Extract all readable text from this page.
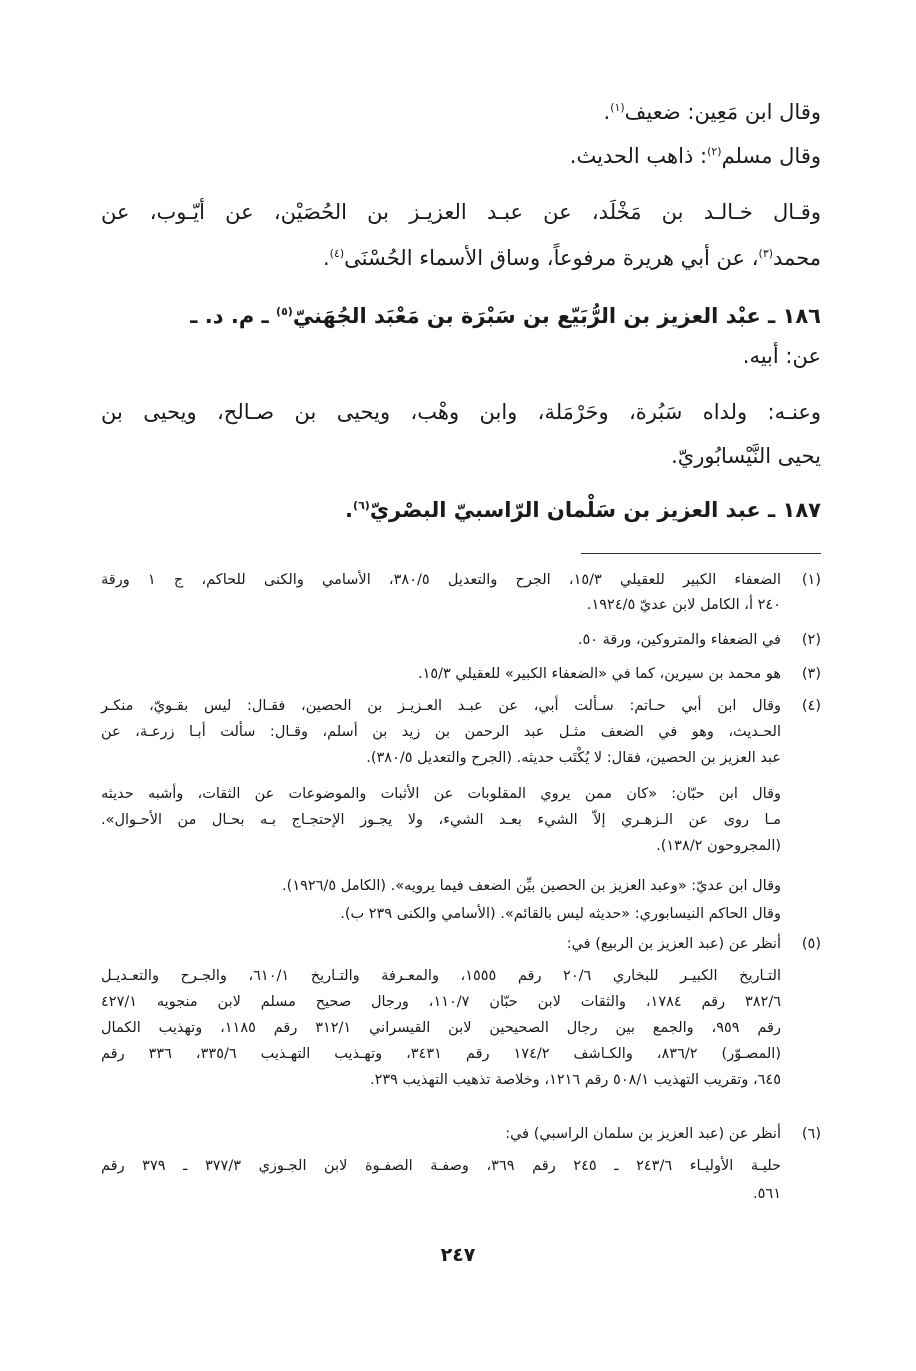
وقال ابن مَعِين: ضعيف$^{(١)}$.
وقال مسلم$^{(٢)}$: ذاهب الحديث.
وقـال خـالـد بن مَخْلَد، عن عبـد العزيـز بن الحُصَيْن، عن أيّـوب، عن
محمد$^{(٣)}$، عن أبي هريرة مرفوعاً، وساق الأسماء الحُسْنَى$^{(٤)}$.
١٨٦ ـ عبْد العزيز بن الرُّبَيّع بن سَبْرَة بن مَعْبَد الجُهَنيّ$^{(٥)}$ ـ م. د. ـ
عن: أبيه.
وعنـه: ولداه سَبُرة، وحَرْمَلة، وابن وهْب، ويحيى بن صـالح، ويحيى بن
يحيى النَّيْسابُوريّ.
١٨٧ ـ عبد العزيز بن سَلْمان الرّاسبيّ البصْريّ$^{(٦)}$.
(١)
الضعفاء الكبير للعقيلي ١٥/٣، الجرح والتعديل ٣٨٠/٥، الأسامي والكنى للحاكم، ج ١ ورقة
٢٤٠ أ، الكامل لابن عديّ ١٩٢٤/٥.
(٢)
في الضعفاء والمتروكين، ورقة ٥٠.
(٣)
هو محمد بن سيرين، كما في «الضعفاء الكبير» للعقيلي ١٥/٣.
(٤)
وقال ابن أبي حـاتم: سـألت أبي، عن عبـد العـزيـز بن الحصين، فقـال: ليس بقـويّ، منكـر
الحـديث، وهو في الضعف مثـل عبد الرحمن بن زيد بن أسلم، وقـال: سألت أبـا زرعـة، عن
عبد العزيز بن الحصين، فقال: لا يُكْتَب حديثه. (الجرح والتعديل ٣٨٠/٥).
وقال ابن حبّان: «كان ممن يروي المقلوبات عن الأثبات والموضوعات عن الثقات، وأشبه حديثه
مـا روى عن الـزهـري إلاّ الشيء بعـد الشيء، ولا يجـوز الإحتجـاج بـه بحـال من الأحـوال».
(المجروحون ١٣٨/٢).
وقال ابن عديّ: «وعبد العزيز بن الحصين بيِّن الضعف فيما يرويه». (الكامل ١٩٢٦/٥).
وقال الحاكم النيسابوري: «حديثه ليس بالقائم». (الأسامي والكنى ٢٣٩ ب).
(٥)
أنظر عن (عبد العزيز بن الربيع) في:
التـاريخ الكبيـر للبخاري ٢٠/٦ رقم ١٥٥٥، والمعـرفة والتـاريخ ٦١٠/١، والجـرح والتعـديـل
٣٨٢/٦ رقم ١٧٨٤، والثقات لابن حبّان ١١٠/٧، ورجال صحيح مسلم لابن منجويه ٤٢٧/١
رقم ٩٥٩، والجمع بين رجال الصحيحين لابن القيسراني ٣١٢/١ رقم ١١٨٥، وتهذيب الكمال
(المصـوّر) ٨٣٦/٢، والكـاشف ١٧٤/٢ رقم ٣٤٣١، وتهـذيب التهـذيب ٣٣٥/٦، ٣٣٦ رقم
٦٤٥، وتقريب التهذيب ٥٠٨/١ رقم ١٢١٦، وخلاصة تذهيب التهذيب ٢٣٩.
(٦)
أنظر عن (عبد العزيز بن سلمان الراسبي) في:
حليـة الأوليـاء ٢٤٣/٦ ـ ٢٤٥ رقم ٣٦٩، وصفـة الصفـوة لابن الجـوزي ٣٧٧/٣ ـ ٣٧٩ رقم
٥٦١.
٢٤٧
